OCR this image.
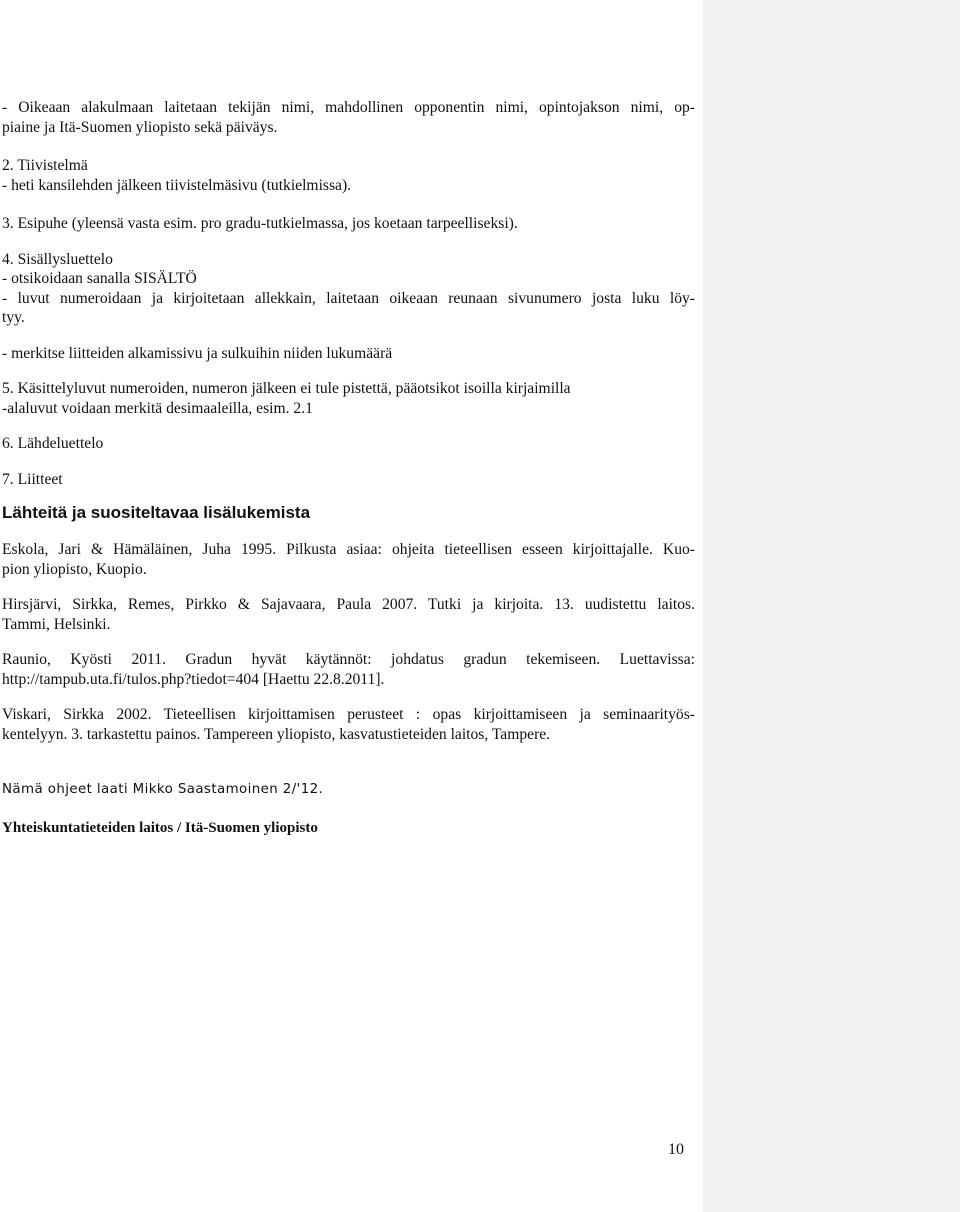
- Oikeaan alakulmaan laitetaan tekijän nimi, mahdollinen opponentin nimi, opintojakson nimi, op-
piaine ja Itä-Suomen yliopisto sekä päiväys.

2. Tiivistelmä
- heti kansilehden jälkeen tiivistelmäsivu (tutkielmissa).

3. Esipuhe (yleensä vasta esim. pro gradu-tutkielmassa, jos koetaan tarpeelliseksi).

4. Sisällysluettelo
- otsikoidaan sanalla SISÄLTÖ
- luvut numeroidaan ja kirjoitetaan allekkain, laitetaan oikeaan reunaan sivunumero josta luku löy-
tyy.

- merkitse liitteiden alkamissivu ja sulkuihin niiden lukumäärä

5. Käsittelyluvut numeroiden, numeron jälkeen ei tule pistettä, pääotsikot isoilla kirjaimilla
-alaluvut voidaan merkitä desimaaleilla, esim. 2.1

6. Lähdeluettelo

7. Liitteet

Lähteitä ja suositeltavaa lisälukemista

Eskola, Jari & Hämäläinen, Juha 1995. Pilkusta asiaa: ohjeita tieteellisen esseen kirjoittajalle. Kuo-
pion yliopisto, Kuopio.

Hirsjärvi, Sirkka, Remes, Pirkko & Sajavaara, Paula 2007. Tutki ja kirjoita. 13. uudistettu laitos.
Tammi, Helsinki.

Raunio, Kyösti 2011. Gradun hyvät käytännöt: johdatus gradun tekemiseen. Luettavissa:
http://tampub.uta.fi/tulos.php?tiedot=404 [Haettu 22.8.2011].

Viskari, Sirkka 2002. Tieteellisen kirjoittamisen perusteet : opas kirjoittamiseen ja seminaarityös-
kentelyyn. 3. tarkastettu painos. Tampereen yliopisto, kasvatustieteiden laitos, Tampere.

Nämä ohjeet laati Mikko Saastamoinen 2/'12.

Yhteiskuntatieteiden laitos / Itä-Suomen yliopisto

10
